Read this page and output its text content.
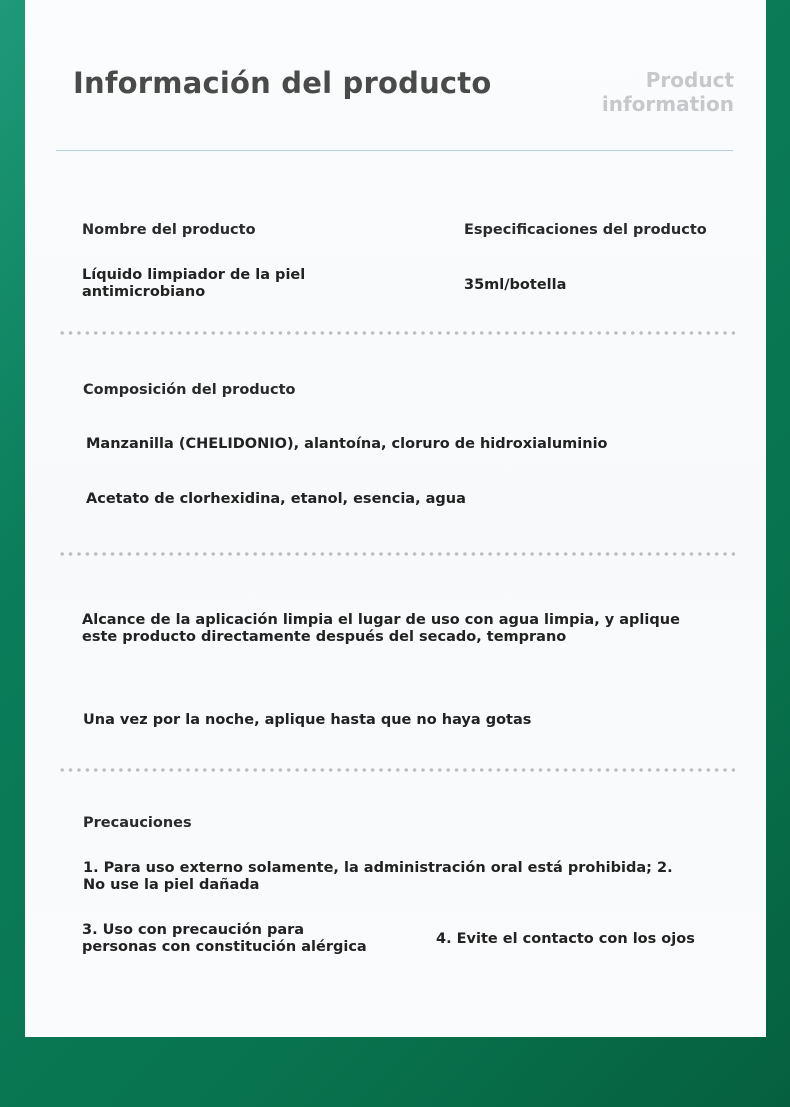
Información del producto	Product information
Nombre del producto	Especificaciones del producto
Líquido limpiador de la piel antimicrobiano	35ml/botella
Composición del producto
Manzanilla (CHELIDONIO), alantoína, cloruro de hidroxialuminio
Acetato de clorhexidina, etanol, esencia, agua
Alcance de la aplicación limpia el lugar de uso con agua limpia, y aplique este producto directamente después del secado, temprano
Una vez por la noche, aplique hasta que no haya gotas
Precauciones
1. Para uso externo solamente, la administración oral está prohibida; 2. No use la piel dañada
3. Uso con precaución para personas con constitución alérgica	4. Evite el contacto con los ojos
